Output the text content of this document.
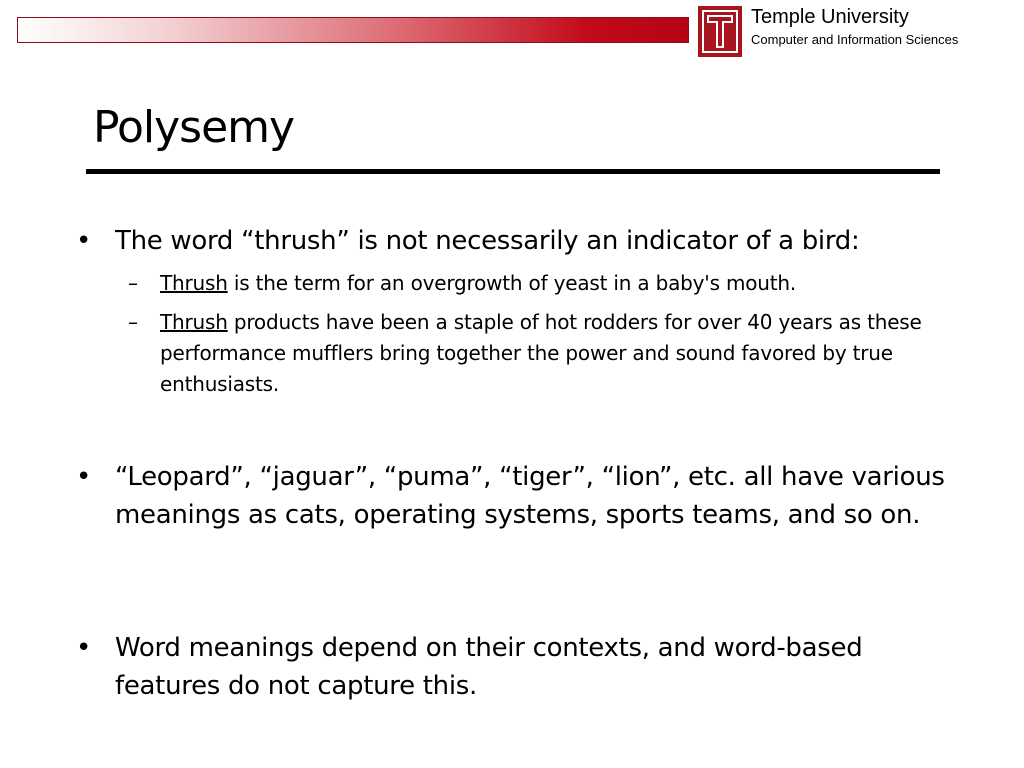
Temple University
Computer and Information Sciences
Polysemy
• The word “thrush” is not necessarily an indicator of a bird:
– Thrush is the term for an overgrowth of yeast in a baby's mouth.
– Thrush products have been a staple of hot rodders for over 40 years as these performance mufflers bring together the power and sound favored by true enthusiasts.
• “Leopard”, “jaguar”, “puma”, “tiger”, “lion”, etc. all have various meanings as cats, operating systems, sports teams, and so on.
• Word meanings depend on their contexts, and word-based features do not capture this.
